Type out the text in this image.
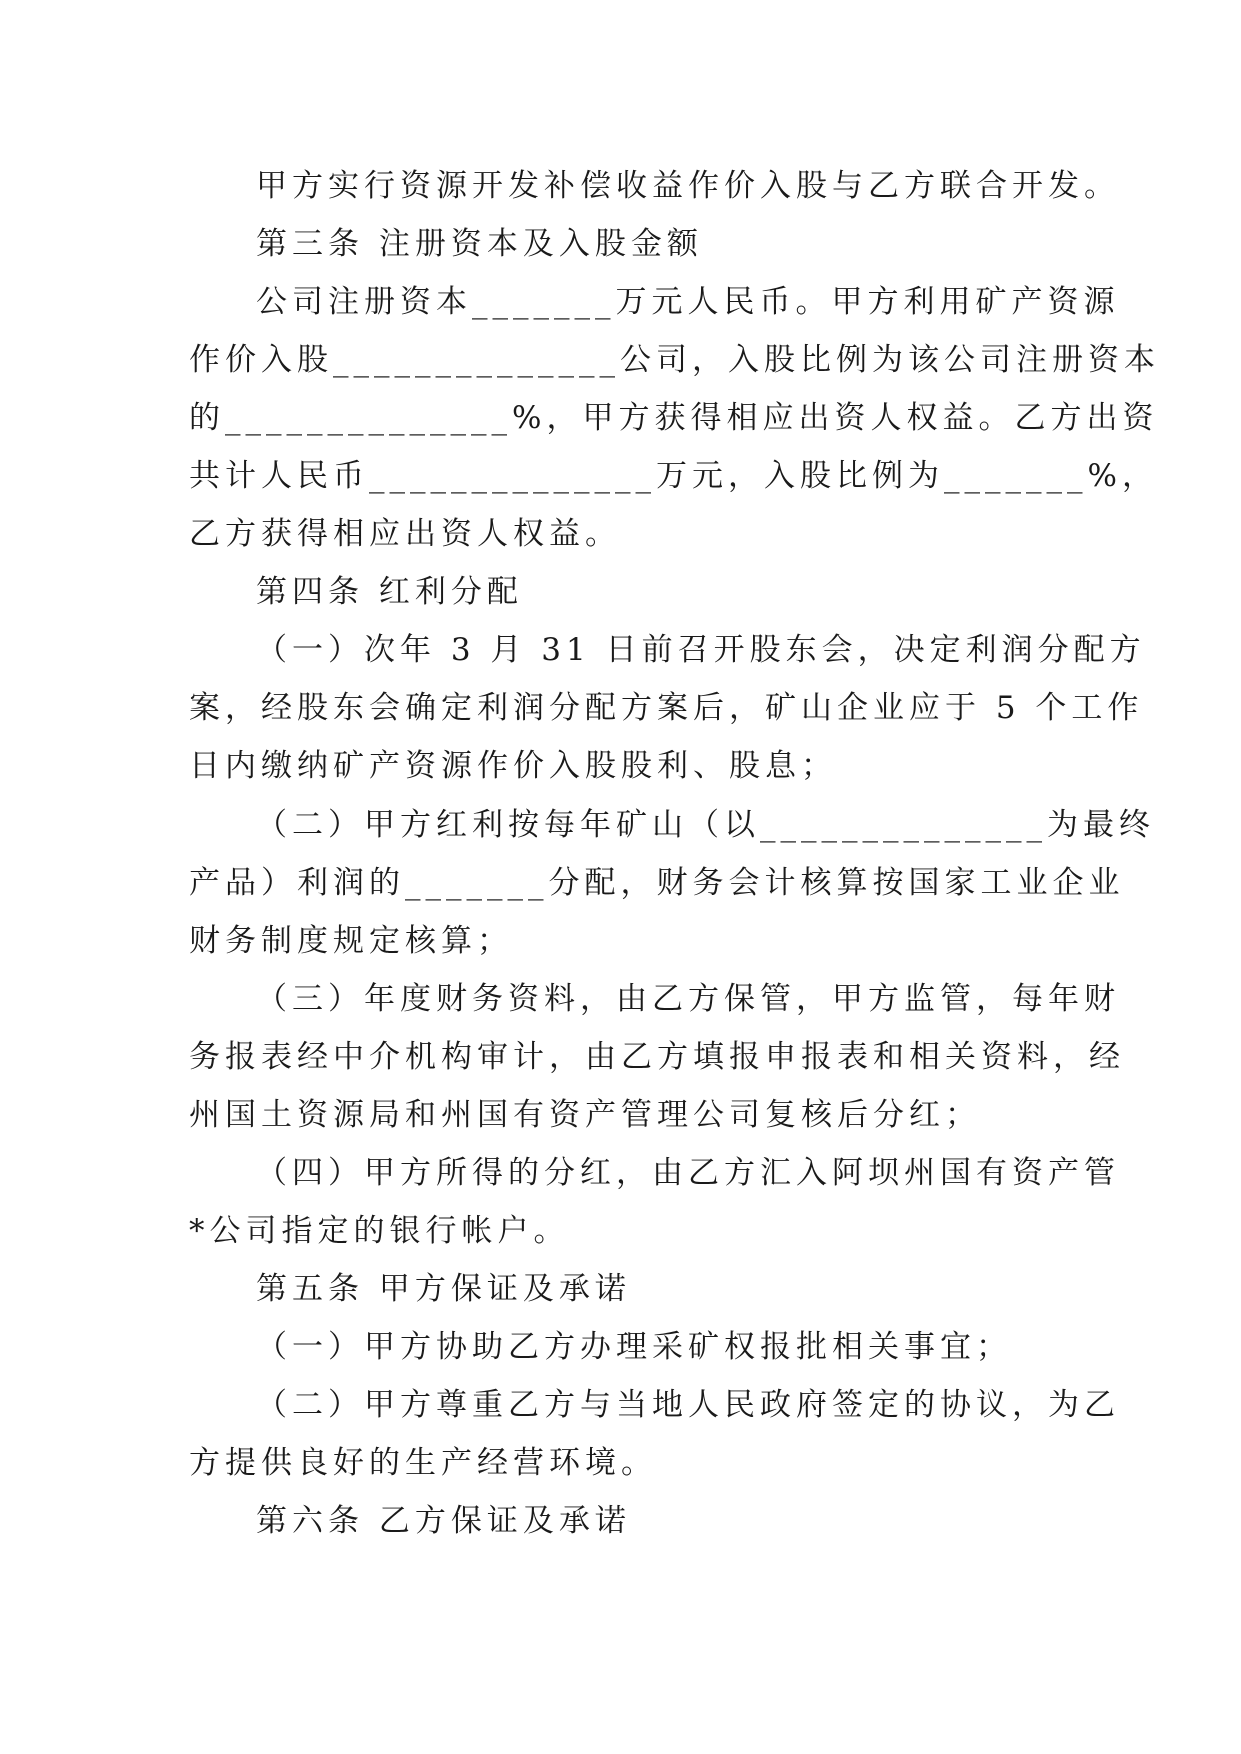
甲方实行资源开发补偿收益作价入股与乙方联合开发。
第三条 注册资本及入股金额
公司注册资本_______万元人民币。甲方利用矿产资源
作价入股______________公司，入股比例为该公司注册资本
的______________%，甲方获得相应出资人权益。乙方出资
共计人民币______________万元，入股比例为_______%，
乙方获得相应出资人权益。
第四条 红利分配
（一）次年 3 月 31 日前召开股东会，决定利润分配方
案，经股东会确定利润分配方案后，矿山企业应于 5 个工作
日内缴纳矿产资源作价入股股利、股息；
（二）甲方红利按每年矿山（以______________为最终
产品）利润的_______分配，财务会计核算按国家工业企业
财务制度规定核算；
（三）年度财务资料，由乙方保管，甲方监管，每年财
务报表经中介机构审计，由乙方填报申报表和相关资料，经
州国土资源局和州国有资产管理公司复核后分红；
（四）甲方所得的分红，由乙方汇入阿坝州国有资产管
*公司指定的银行帐户。
第五条 甲方保证及承诺
（一）甲方协助乙方办理采矿权报批相关事宜；
（二）甲方尊重乙方与当地人民政府签定的协议，为乙
方提供良好的生产经营环境。
第六条 乙方保证及承诺
